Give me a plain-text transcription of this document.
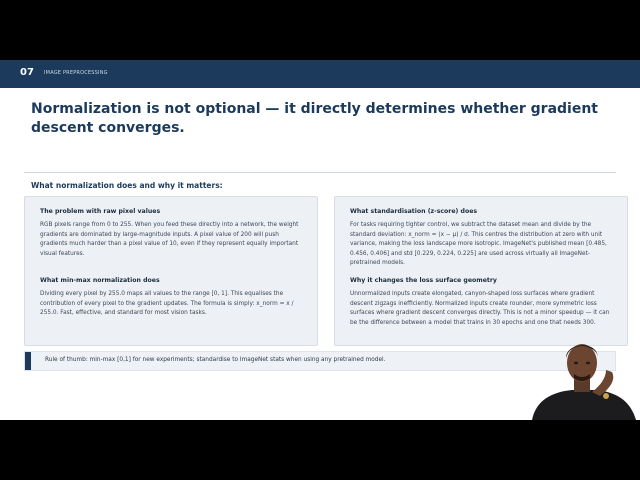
07 IMAGE PREPROCESSING
Normalization is not optional — it directly determines whether gradient descent converges.
What normalization does and why it matters:
The problem with raw pixel values

RGB pixels range from 0 to 255. When you feed these directly into a network, the weight gradients are dominated by large-magnitude inputs. A pixel value of 200 will push gradients much harder than a pixel value of 10, even if they represent equally important visual features.

What min-max normalization does

Dividing every pixel by 255.0 maps all values to the range [0, 1]. This equalises the contribution of every pixel to the gradient updates. The formula is simply: x_norm = x / 255.0. Fast, effective, and standard for most vision tasks.

What standardisation (z-score) does

For tasks requiring tighter control, we subtract the dataset mean and divide by the standard deviation: x_norm = (x − μ) / σ. This centres the distribution at zero with unit variance, making the loss landscape more isotropic. ImageNet's published mean [0.485, 0.456, 0.406] and std [0.229, 0.224, 0.225] are used across virtually all ImageNet-pretrained models.

Why it changes the loss surface geometry

Unnormalized inputs create elongated, canyon-shaped loss surfaces where gradient descent zigzags inefficiently. Normalized inputs create rounder, more symmetric loss surfaces where gradient descent converges directly. This is not a minor speedup — it can be the difference between a model that trains in 30 epochs and one that needs 300.

Rule of thumb: min-max [0,1] for new experiments; standardise to ImageNet stats when using any pretrained model.
